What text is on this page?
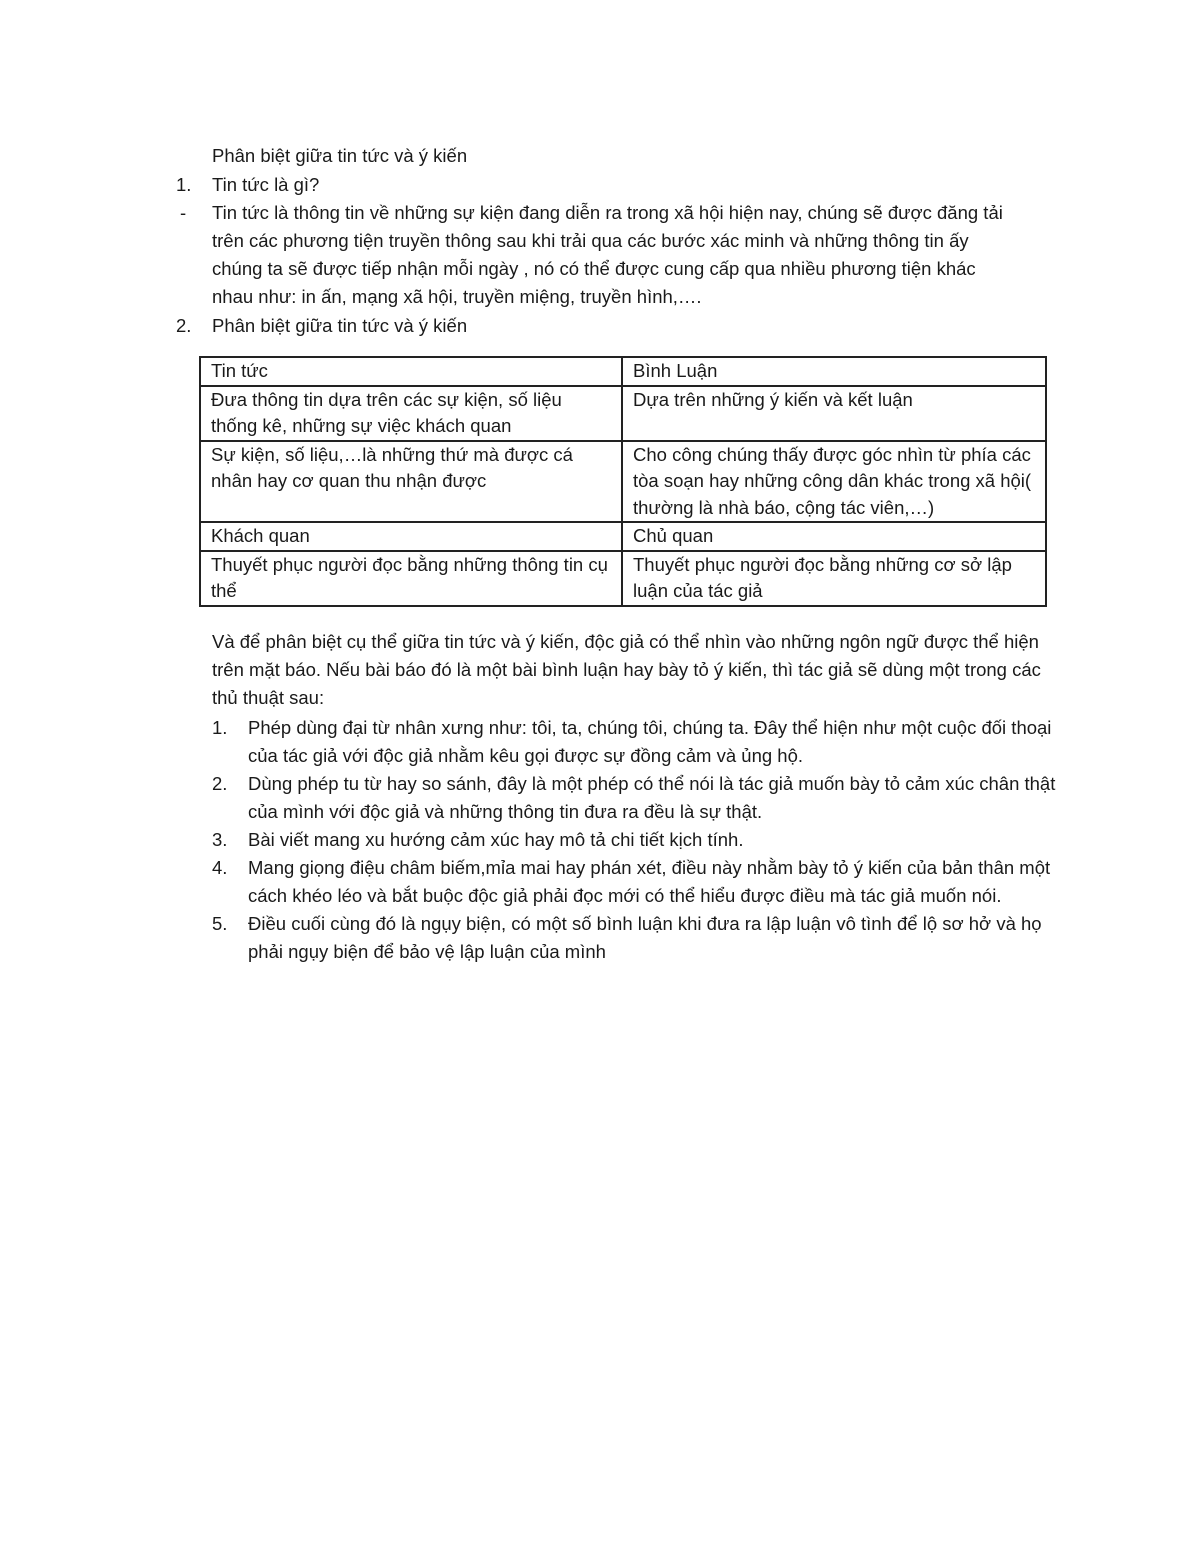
Phân biệt giữa tin tức và ý kiến
1. Tin tức là gì?
- Tin tức là thông tin về những sự kiện đang diễn ra trong xã hội hiện nay, chúng sẽ được đăng tải
trên các phương tiện truyền thông sau khi trải qua các bước xác minh và những thông tin ấy
chúng ta sẽ được tiếp nhận mỗi ngày , nó có thể được cung cấp qua nhiều phương tiện khác
nhau như: in ấn, mạng xã hội, truyền miệng, truyền hình,….
2. Phân biệt giữa tin tức và ý kiến
Tin tức	Bình Luận
Đưa thông tin dựa trên các sự kiện, số liệu thống kê, những sự việc khách quan	Dựa trên những ý kiến và kết luận
Sự kiện, số liệu,…là những thứ mà được cá nhân hay cơ quan thu nhận được	Cho công chúng thấy được góc nhìn từ phía các tòa soạn hay những công dân khác trong xã hội( thường là nhà báo, cộng tác viên,…)
Khách quan	Chủ quan
Thuyết phục người đọc bằng những thông tin cụ thể	Thuyết phục người đọc bằng những cơ sở lập luận của tác giả
Và để phân biệt cụ thể giữa tin tức và ý kiến, độc giả có thể nhìn vào những ngôn ngữ được thể hiện trên mặt báo. Nếu bài báo đó là một bài bình luận hay bày tỏ ý kiến, thì tác giả sẽ dùng một trong các thủ thuật sau:
1. Phép dùng đại từ nhân xưng như: tôi, ta, chúng tôi, chúng ta. Đây thể hiện như một cuộc đối thoại của tác giả với độc giả nhằm kêu gọi được sự đồng cảm và ủng hộ.
2. Dùng phép tu từ hay so sánh, đây là một phép có thể nói là tác giả muốn bày tỏ cảm xúc chân thật của mình với độc giả và những thông tin đưa ra đều là sự thật.
3. Bài viết mang xu hướng cảm xúc hay mô tả chi tiết kịch tính.
4. Mang giọng điệu châm biếm,mỉa mai hay phán xét, điều này nhằm bày tỏ ý kiến của bản thân một cách khéo léo và bắt buộc độc giả phải đọc mới có thể hiểu được điều mà tác giả muốn nói.
5. Điều cuối cùng đó là ngụy biện, có một số bình luận khi đưa ra lập luận vô tình để lộ sơ hở và họ phải ngụy biện để bảo vệ lập luận của mình
